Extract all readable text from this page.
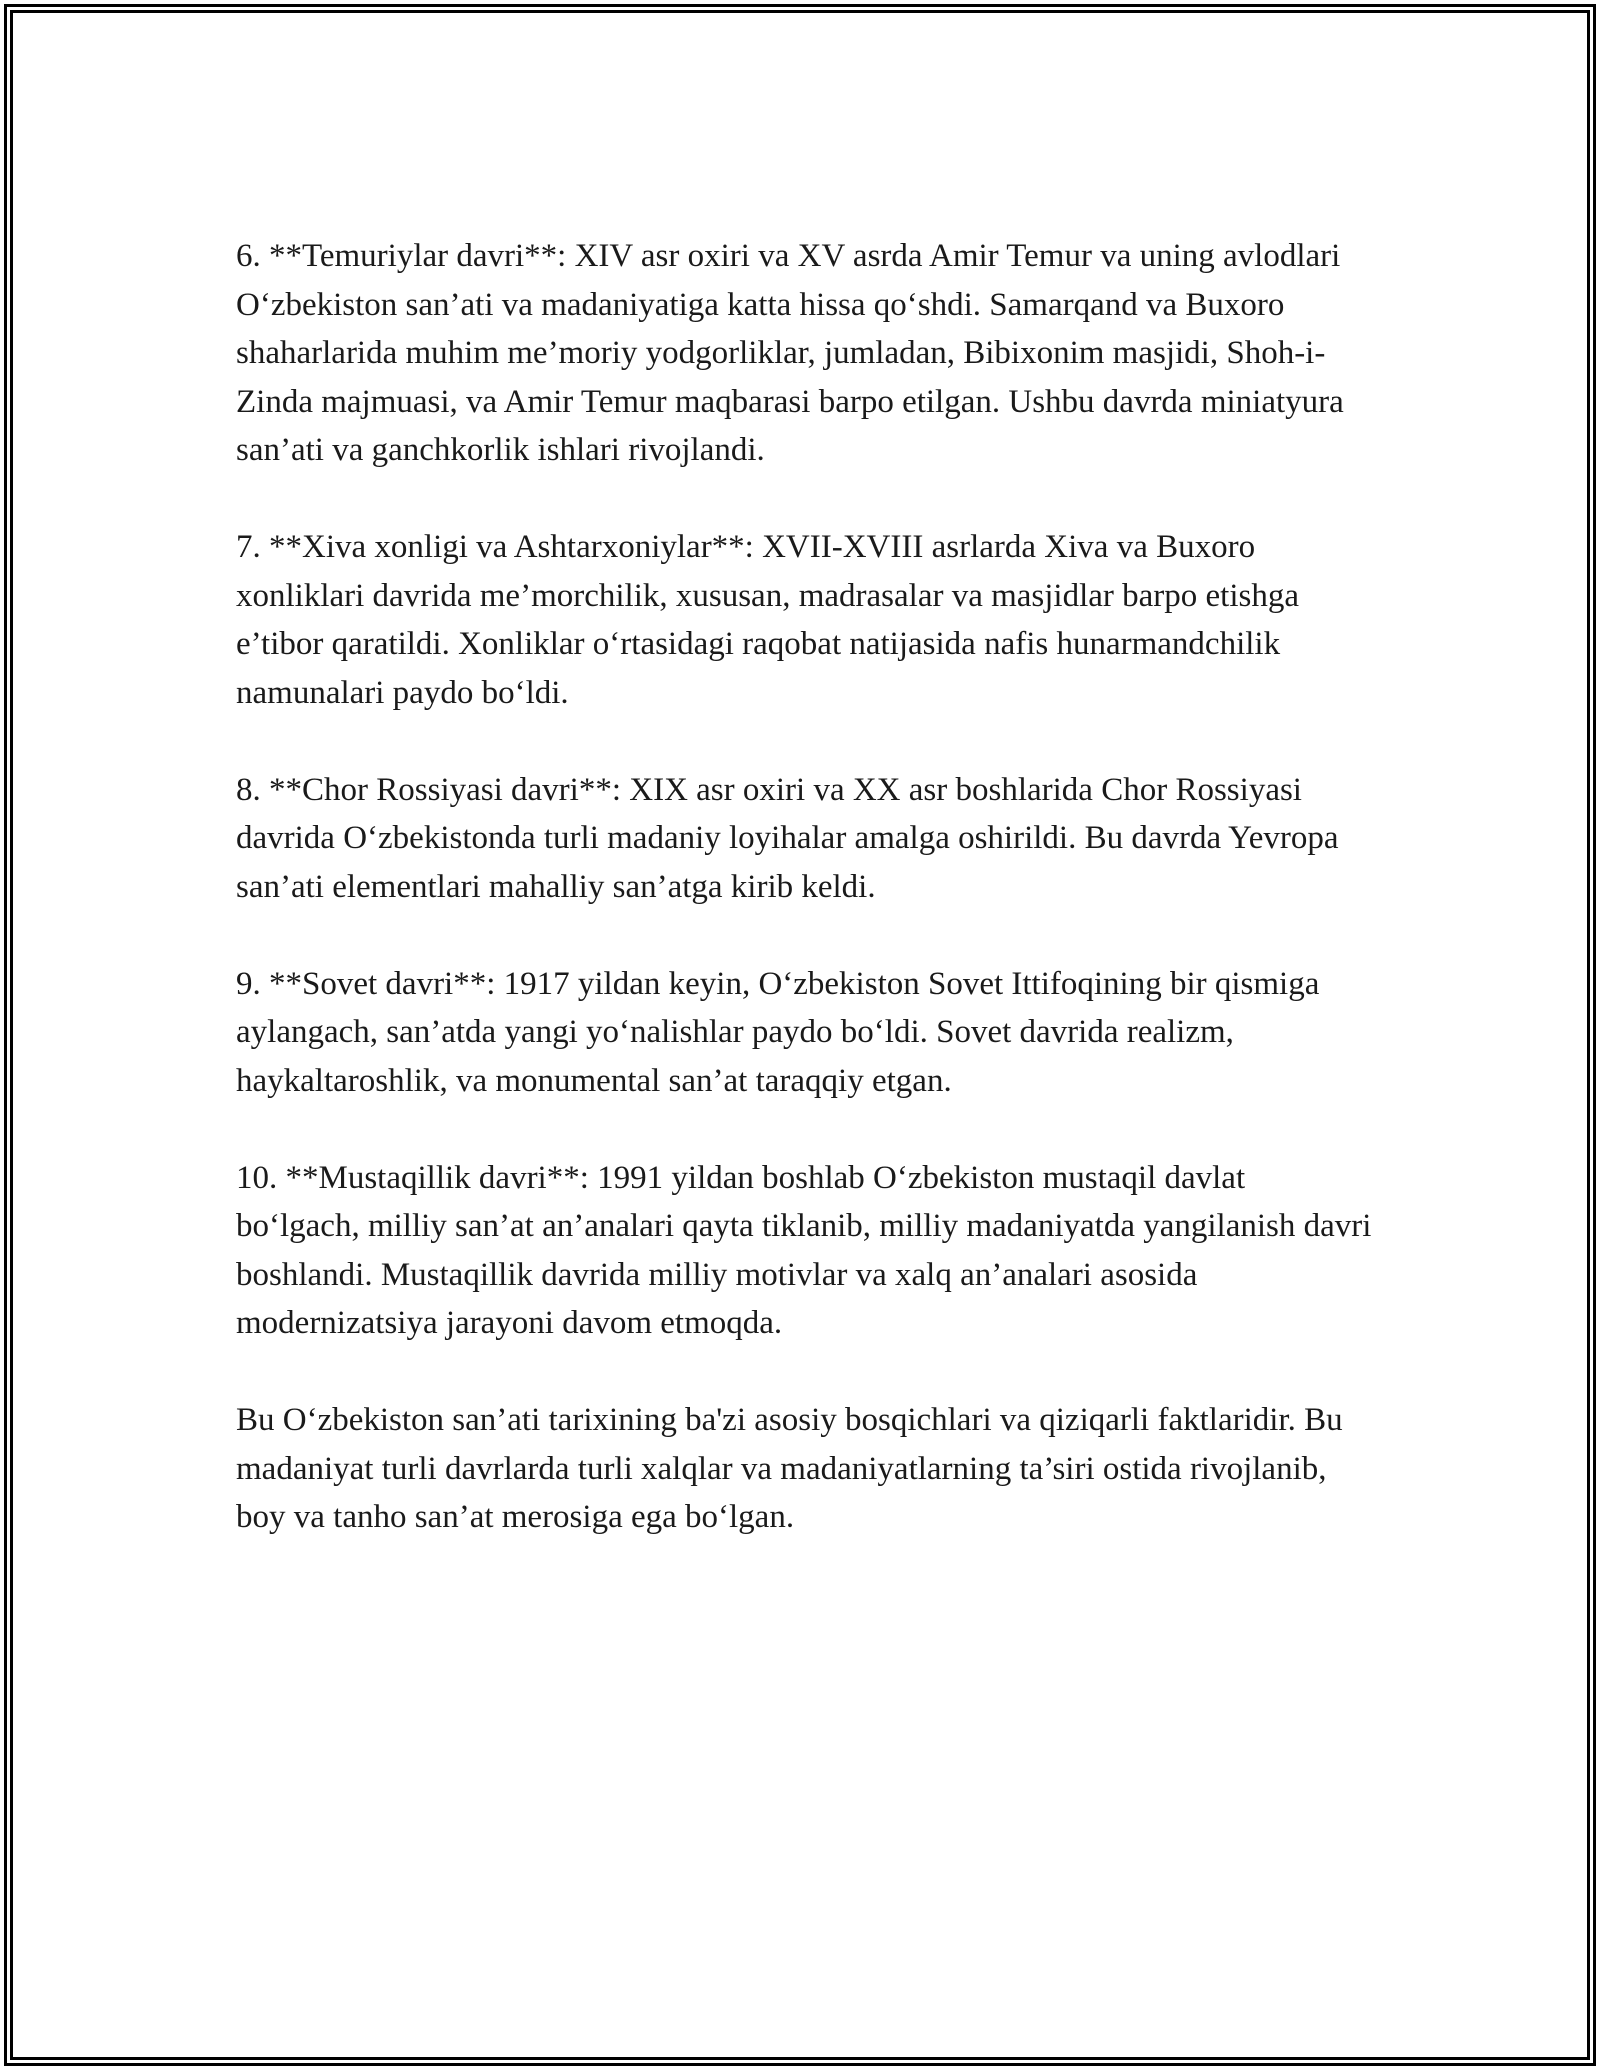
6. **Temuriylar davri**: XIV asr oxiri va XV asrda Amir Temur va uning avlodlari O‘zbekiston san’ati va madaniyatiga katta hissa qo‘shdi. Samarqand va Buxoro shaharlarida muhim me’moriy yodgorliklar, jumladan, Bibixonim masjidi, Shoh-i-Zinda majmuasi, va Amir Temur maqbarasi barpo etilgan. Ushbu davrda miniatyura san’ati va ganchkorlik ishlari rivojlandi.

7. **Xiva xonligi va Ashtarxoniylar**: XVII-XVIII asrlarda Xiva va Buxoro xonliklari davrida me’morchilik, xususan, madrasalar va masjidlar barpo etishga e’tibor qaratildi. Xonliklar o‘rtasidagi raqobat natijasida nafis hunarmandchilik namunalari paydo bo‘ldi.

8. **Chor Rossiyasi davri**: XIX asr oxiri va XX asr boshlarida Chor Rossiyasi davrida O‘zbekistonda turli madaniy loyihalar amalga oshirildi. Bu davrda Yevropa san’ati elementlari mahalliy san’atga kirib keldi.

9. **Sovet davri**: 1917 yildan keyin, O‘zbekiston Sovet Ittifoqining bir qismiga aylangach, san’atda yangi yo‘nalishlar paydo bo‘ldi. Sovet davrida realizm, haykaltaroshlik, va monumental san’at taraqqiy etgan.

10. **Mustaqillik davri**: 1991 yildan boshlab O‘zbekiston mustaqil davlat bo‘lgach, milliy san’at an’analari qayta tiklanib, milliy madaniyatda yangilanish davri boshlandi. Mustaqillik davrida milliy motivlar va xalq an’analari asosida modernizatsiya jarayoni davom etmoqda.

Bu O‘zbekiston san’ati tarixining ba'zi asosiy bosqichlari va qiziqarli faktlaridir. Bu madaniyat turli davrlarda turli xalqlar va madaniyatlarning ta’siri ostida rivojlanib, boy va tanho san’at merosiga ega bo‘lgan.
